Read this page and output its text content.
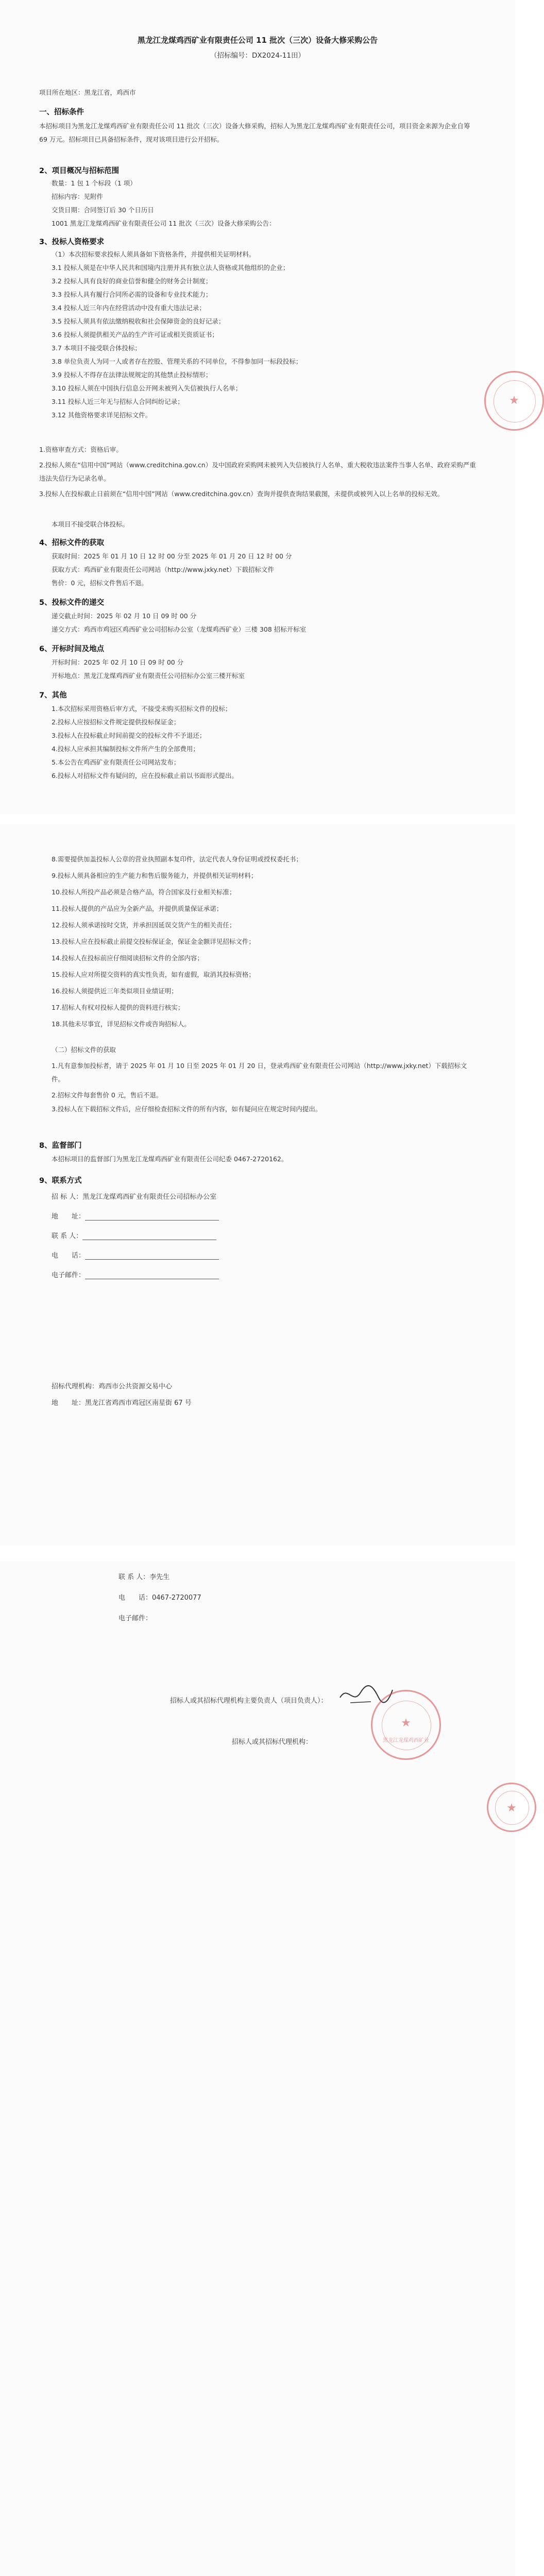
黑龙江龙煤鸡西矿业有限责任公司 11 批次（三次）设备大修采购公告
（招标编号：DX2024-11田）
项目所在地区：黑龙江省，鸡西市
一、招标条件
本招标项目为黑龙江龙煤鸡西矿业有限责任公司 11 批次（三次）设备大修采购，招标人为黑龙江龙煤鸡西矿业有限责任公司，项目资金来源为企业自筹 69 万元。招标项目已具备招标条件，现对该项目进行公开招标。
2、项目概况与招标范围
数量：1 包 1 个标段（1 项）
招标内容：见附件
交货日期：合同签订后 30 个日历日
1001 黑龙江龙煤鸡西矿业有限责任公司 11 批次（三次）设备大修采购公告：
3、投标人资格要求
（1）本次招标要求投标人须具备如下资格条件，并提供相关证明材料。
3.1 投标人须是在中华人民共和国境内注册并具有独立法人资格或其他组织的企业；
3.2 投标人具有良好的商业信誉和健全的财务会计制度；
3.3 投标人具有履行合同所必需的设备和专业技术能力；
3.4 投标人近三年内在经营活动中没有重大违法记录；
3.5 投标人须具有依法缴纳税收和社会保障资金的良好记录；
3.6 投标人须提供相关产品的生产许可证或相关资质证书；
3.7 本项目不接受联合体投标；
3.8 单位负责人为同一人或者存在控股、管理关系的不同单位，不得参加同一标段投标；
3.9 投标人不得存在法律法规规定的其他禁止投标情形；
3.10 投标人须在中国执行信息公开网未被列入失信被执行人名单；
3.11 投标人近三年无与招标人合同纠纷记录；
3.12 其他资格要求详见招标文件。
1.资格审查方式：资格后审。
2.投标人须在“信用中国”网站（www.creditchina.gov.cn）及中国政府采购网未被列入失信被执行人名单、重大税收违法案件当事人名单、政府采购严重违法失信行为记录名单。
3.投标人在投标截止日前须在“信用中国”网站（www.creditchina.gov.cn）查询并提供查询结果截图，未提供或被列入以上名单的投标无效。
本项目不接受联合体投标。
4、招标文件的获取
获取时间：2025 年 01 月 10 日 12 时 00 分至 2025 年 01 月 20 日 12 时 00 分
获取方式：鸡西矿业有限责任公司网站（http://www.jxky.net）下载招标文件
售价：0 元，招标文件售后不退。
5、投标文件的递交
递交截止时间：2025 年 02 月 10 日 09 时 00 分
递交方式：鸡西市鸡冠区鸡西矿业公司招标办公室（龙煤鸡西矿业）三楼 308 招标开标室
6、开标时间及地点
开标时间：2025 年 02 月 10 日 09 时 00 分
开标地点：黑龙江龙煤鸡西矿业有限责任公司招标办公室三楼开标室
7、其他
1.本次招标采用资格后审方式，不接受未购买招标文件的投标；
2.投标人应按招标文件规定提供投标保证金；
3.投标人在投标截止时间前提交的投标文件不予退还；
4.投标人应承担其编制投标文件所产生的全部费用；
5.本公告在鸡西矿业有限责任公司网站发布；
6.投标人对招标文件有疑问的，应在投标截止前以书面形式提出。
★
8.需要提供加盖投标人公章的营业执照副本复印件，法定代表人身份证明或授权委托书；
9.投标人须具备相应的生产能力和售后服务能力，并提供相关证明材料；
10.投标人所投产品必须是合格产品，符合国家及行业相关标准；
11.投标人提供的产品应为全新产品，并提供质量保证承诺；
12.投标人须承诺按时交货，并承担因延误交货产生的相关责任；
13.投标人应在投标截止前提交投标保证金，保证金金额详见招标文件；
14.投标人在投标前应仔细阅读招标文件的全部内容；
15.投标人应对所提交资料的真实性负责，如有虚假，取消其投标资格；
16.投标人须提供近三年类似项目业绩证明；
17.招标人有权对投标人提供的资料进行核实；
18.其他未尽事宜，详见招标文件或咨询招标人。
（二）招标文件的获取
1.凡有意参加投标者，请于 2025 年 01 月 10 日至 2025 年 01 月 20 日，登录鸡西矿业有限责任公司网站（http://www.jxky.net）下载招标文件。
2.招标文件每套售价 0 元，售后不退。
3.投标人在下载招标文件后，应仔细检查招标文件的所有内容，如有疑问应在规定时间内提出。
8、监督部门
本招标项目的监督部门为黑龙江龙煤鸡西矿业有限责任公司纪委 0467-2720162。
9、联系方式
招 标 人：黑龙江龙煤鸡西矿业有限责任公司招标办公室
地　　址：
联 系 人：
电　　话：
电子邮件：
招标代理机构：鸡西市公共资源交易中心
地　　址：黑龙江省鸡西市鸡冠区南星街 67 号
联 系 人：李先生
电　　话：0467-2720077
电子邮件：
招标人或其招标代理机构主要负责人（项目负责人）：
招标人或其招标代理机构：
★
黑龙江龙煤鸡西矿业
★
